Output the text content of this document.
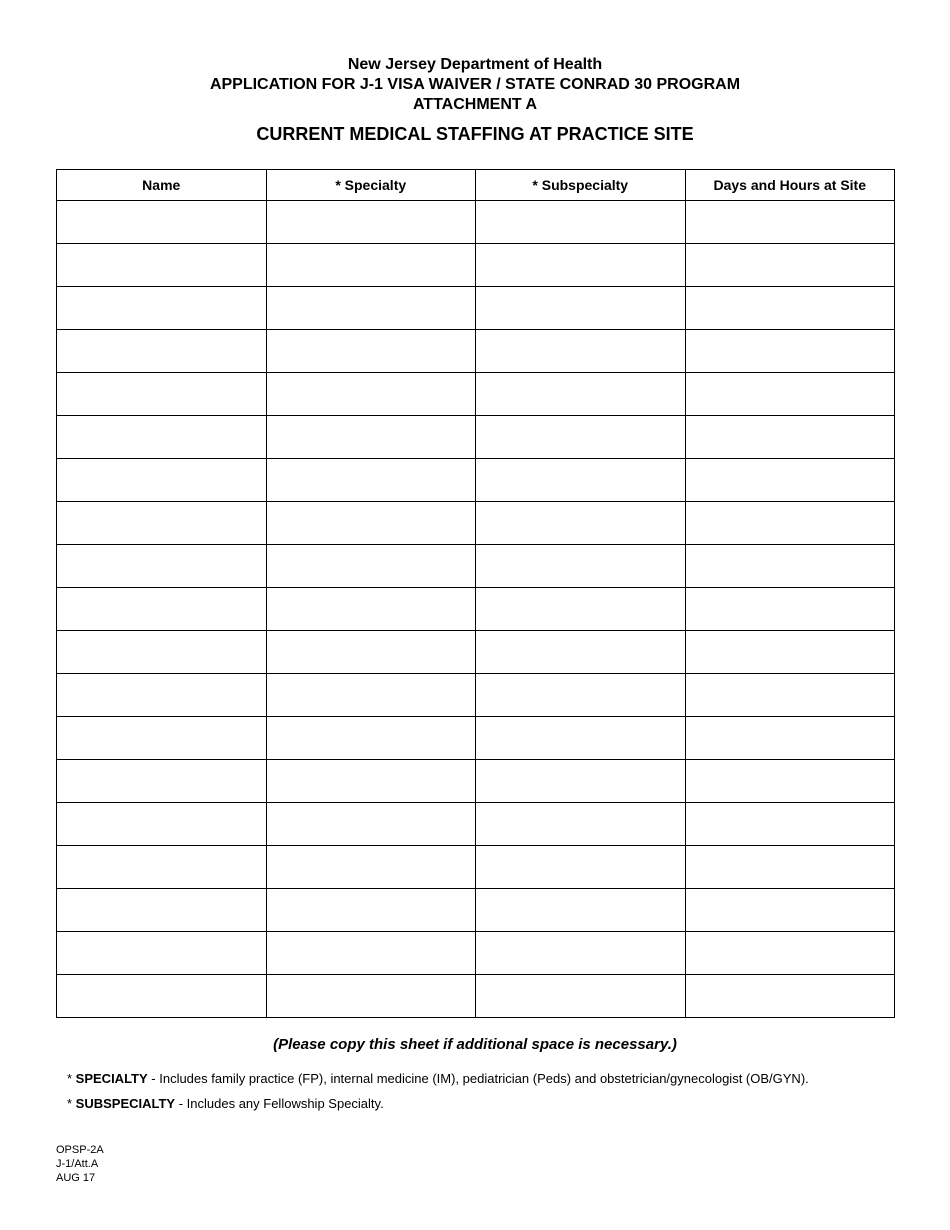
New Jersey Department of Health
APPLICATION FOR J-1 VISA WAIVER / STATE CONRAD 30 PROGRAM
ATTACHMENT A
CURRENT MEDICAL STAFFING AT PRACTICE SITE
Name	* Specialty	* Subspecialty	Days and Hours at Site

(Please copy this sheet if additional space is necessary.)
* SPECIALTY - Includes family practice (FP), internal medicine (IM), pediatrician (Peds) and obstetrician/gynecologist (OB/GYN).
* SUBSPECIALTY - Includes any Fellowship Specialty.
OPSP-2A
J-1/Att.A
AUG 17
